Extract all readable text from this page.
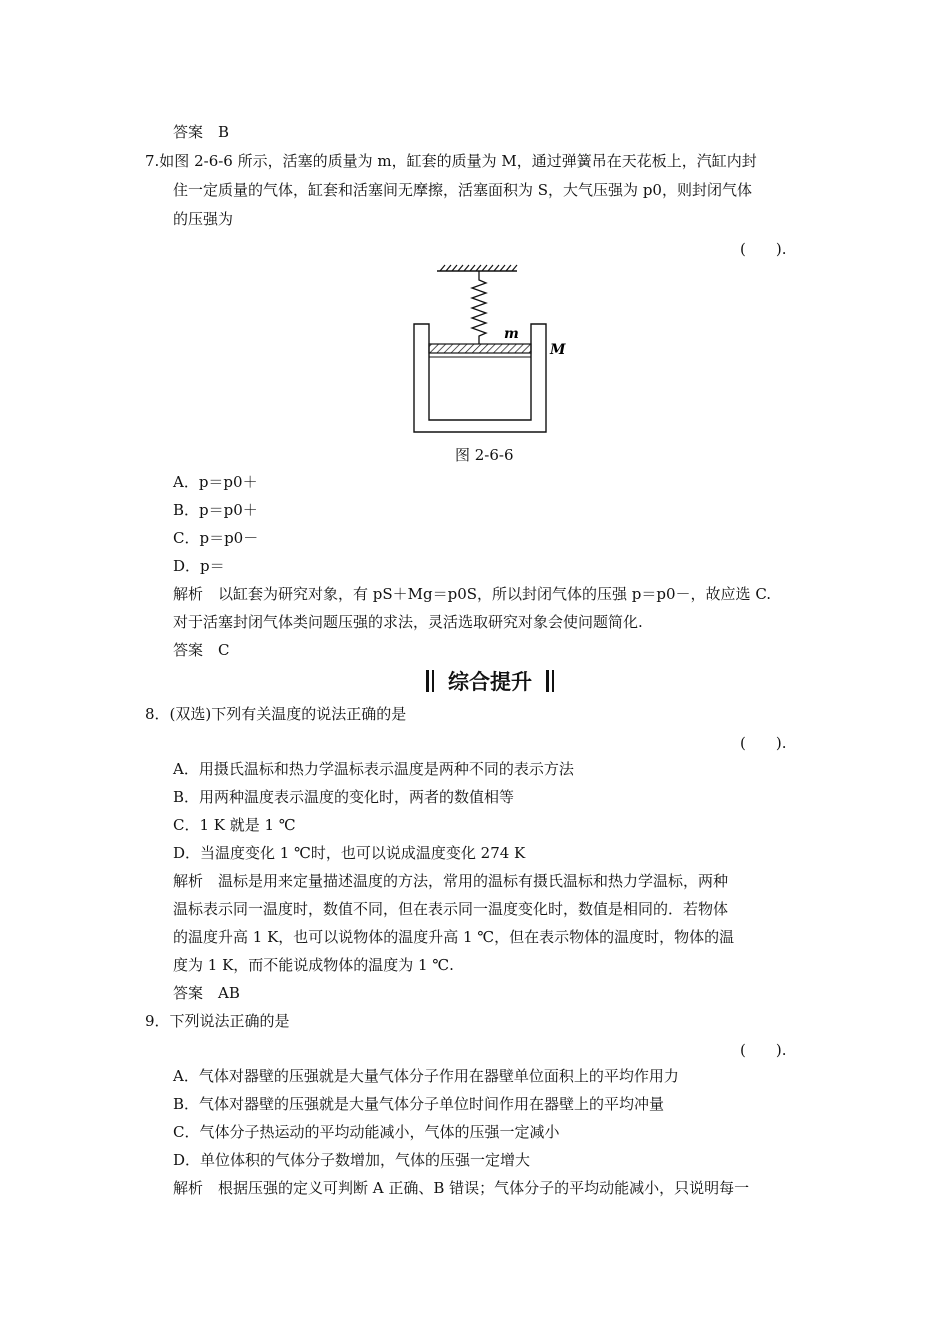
答案　B
7.如图 2-6-6 所示，活塞的质量为 m，缸套的质量为 M，通过弹簧吊在天花板上，汽缸内封
住一定质量的气体，缸套和活塞间无摩擦，活塞面积为 S，大气压强为 p0，则封闭气体
的压强为
(　　).
m
M
图 2-6-6
A．p＝p0＋
B．p＝p0＋
C．p＝p0－
D．p＝
解析　以缸套为研究对象，有 pS＋Mg＝p0S，所以封闭气体的压强 p＝p0－，故应选 C.
对于活塞封闭气体类问题压强的求法，灵活选取研究对象会使问题简化.
答案　C
综合提升
8．(双选)下列有关温度的说法正确的是
(　　).
A．用摄氏温标和热力学温标表示温度是两种不同的表示方法
B．用两种温度表示温度的变化时，两者的数值相等
C．1 K 就是 1 ℃
D．当温度变化 1 ℃时，也可以说成温度变化 274 K
解析　温标是用来定量描述温度的方法，常用的温标有摄氏温标和热力学温标，两种
温标表示同一温度时，数值不同，但在表示同一温度变化时，数值是相同的．若物体
的温度升高 1 K，也可以说物体的温度升高 1 ℃，但在表示物体的温度时，物体的温
度为 1 K，而不能说成物体的温度为 1 ℃.
答案　AB
9．下列说法正确的是
(　　).
A．气体对器壁的压强就是大量气体分子作用在器壁单位面积上的平均作用力
B．气体对器壁的压强就是大量气体分子单位时间作用在器壁上的平均冲量
C．气体分子热运动的平均动能减小，气体的压强一定减小
D．单位体积的气体分子数增加，气体的压强一定增大
解析　根据压强的定义可判断 A 正确、B 错误；气体分子的平均动能减小，只说明每一
